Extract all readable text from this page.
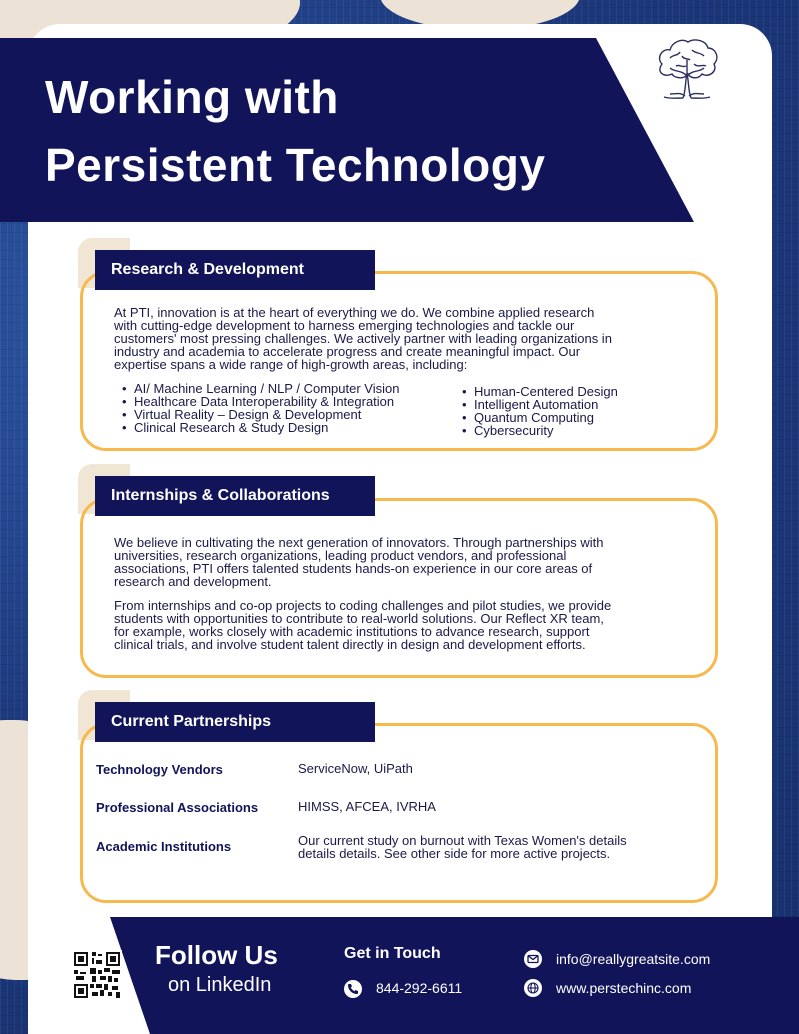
Working with
Persistent Technology
Research & Development
At PTI, innovation is at the heart of everything we do. We combine applied research
with cutting-edge development to harness emerging technologies and tackle our
customers' most pressing challenges. We actively partner with leading organizations in
industry and academia to accelerate progress and create meaningful impact. Our
expertise spans a wide range of high-growth areas, including:
• AI/ Machine Learning / NLP / Computer Vision
• Healthcare Data Interoperability & Integration
• Virtual Reality – Design & Development
• Clinical Research & Study Design
• Human-Centered Design
• Intelligent Automation
• Quantum Computing
• Cybersecurity
Internships & Collaborations
We believe in cultivating the next generation of innovators. Through partnerships with
universities, research organizations, leading product vendors, and professional
associations, PTI offers talented students hands-on experience in our core areas of
research and development.
From internships and co-op projects to coding challenges and pilot studies, we provide
students with opportunities to contribute to real-world solutions. Our Reflect XR team,
for example, works closely with academic institutions to advance research, support
clinical trials, and involve student talent directly in design and development efforts.
Current Partnerships
Technology Vendors	ServiceNow, UiPath
Professional Associations	HIMSS, AFCEA, IVRHA
Academic Institutions	Our current study on burnout with Texas Women's details
details details. See other side for more active projects.
Follow Us
on LinkedIn
Get in Touch
844-292-6611
info@reallygreatsite.com
www.perstechinc.com
